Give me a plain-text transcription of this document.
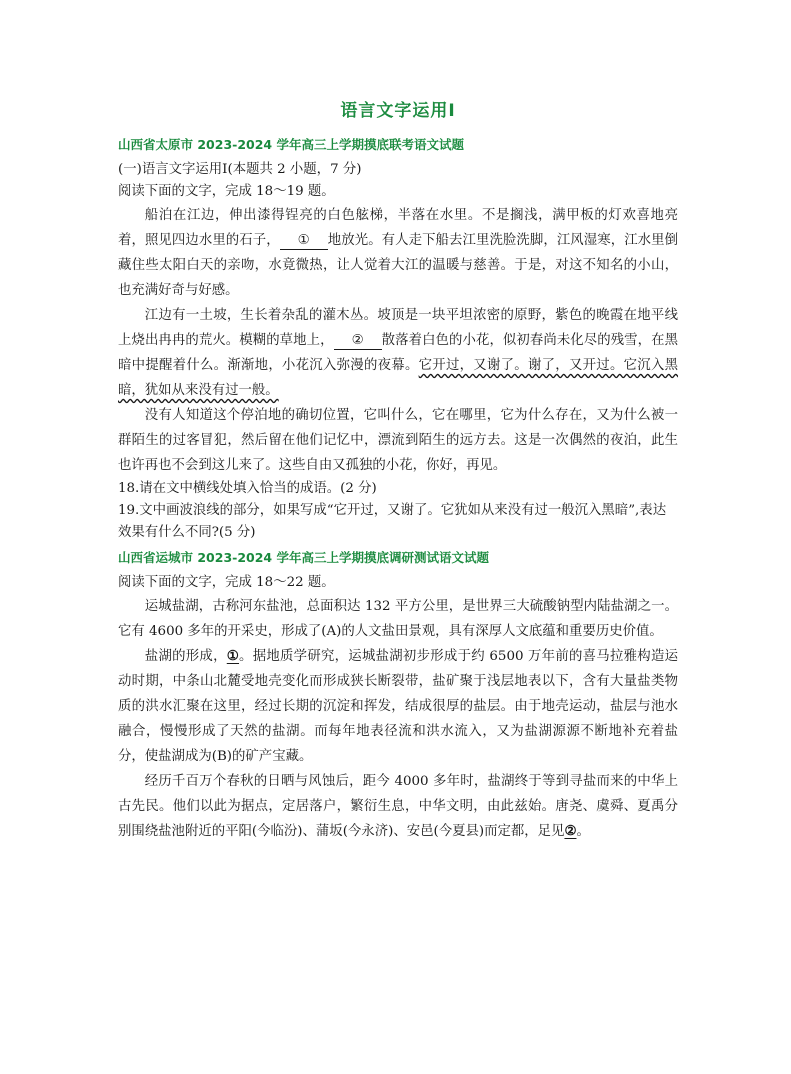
语言文字运用Ⅰ
山西省太原市 2023-2024 学年高三上学期摸底联考语文试题

(一)语言文字运用Ⅰ(本题共 2 小题，7 分)

阅读下面的文字，完成 18～19 题。

船泊在江边，伸出漆得锃亮的白色舷梯，半落在水里。不是搁浅，满甲板的灯欢喜地亮着，照见四边水里的石子， ① 地放光。有人走下船去江里洗脸洗脚，江风湿寒，江水里倒藏住些太阳白天的亲吻，水竟微热，让人觉着大江的温暖与慈善。于是，对这不知名的小山，也充满好奇与好感。

江边有一土坡，生长着杂乱的灌木丛。坡顶是一块平坦浓密的原野，紫色的晚霞在地平线上烧出冉冉的荒火。模糊的草地上， ② 散落着白色的小花，似初春尚未化尽的残雪，在黑暗中提醒着什么。渐渐地，小花沉入弥漫的夜幕。它开过，又谢了。谢了，又开过。它沉入黑暗，犹如从来没有过一般。

没有人知道这个停泊地的确切位置，它叫什么，它在哪里，它为什么存在，又为什么被一群陌生的过客冒犯，然后留在他们记忆中，漂流到陌生的远方去。这是一次偶然的夜泊，此生也许再也不会到这儿来了。这些自由又孤独的小花，你好，再见。

18.请在文中横线处填入恰当的成语。(2 分)

19.文中画波浪线的部分，如果写成“它开过，又谢了。它犹如从来没有过一般沉入黑暗”,表达效果有什么不同?(5 分)

山西省运城市 2023-2024 学年高三上学期摸底调研测试语文试题

阅读下面的文字，完成 18～22 题。

运城盐湖，古称河东盐池，总面积达 132 平方公里，是世界三大硫酸钠型内陆盐湖之一。它有 4600 多年的开采史，形成了(A)的人文盐田景观，具有深厚人文底蕴和重要历史价值。

盐湖的形成，①。据地质学研究，运城盐湖初步形成于约 6500 万年前的喜马拉雅构造运动时期，中条山北麓受地壳变化而形成狭长断裂带，盐矿聚于浅层地表以下，含有大量盐类物质的洪水汇聚在这里，经过长期的沉淀和挥发，结成很厚的盐层。由于地壳运动，盐层与池水融合，慢慢形成了天然的盐湖。而每年地表径流和洪水流入，又为盐湖源源不断地补充着盐分，使盐湖成为(B)的矿产宝藏。

经历千百万个春秋的日晒与风蚀后，距今 4000 多年时，盐湖终于等到寻盐而来的中华上古先民。他们以此为据点，定居落户，繁衍生息，中华文明，由此兹始。唐尧、虞舜、夏禹分别围绕盐池附近的平阳(今临汾)、蒲坂(今永济)、安邑(今夏县)而定都，足见②。
